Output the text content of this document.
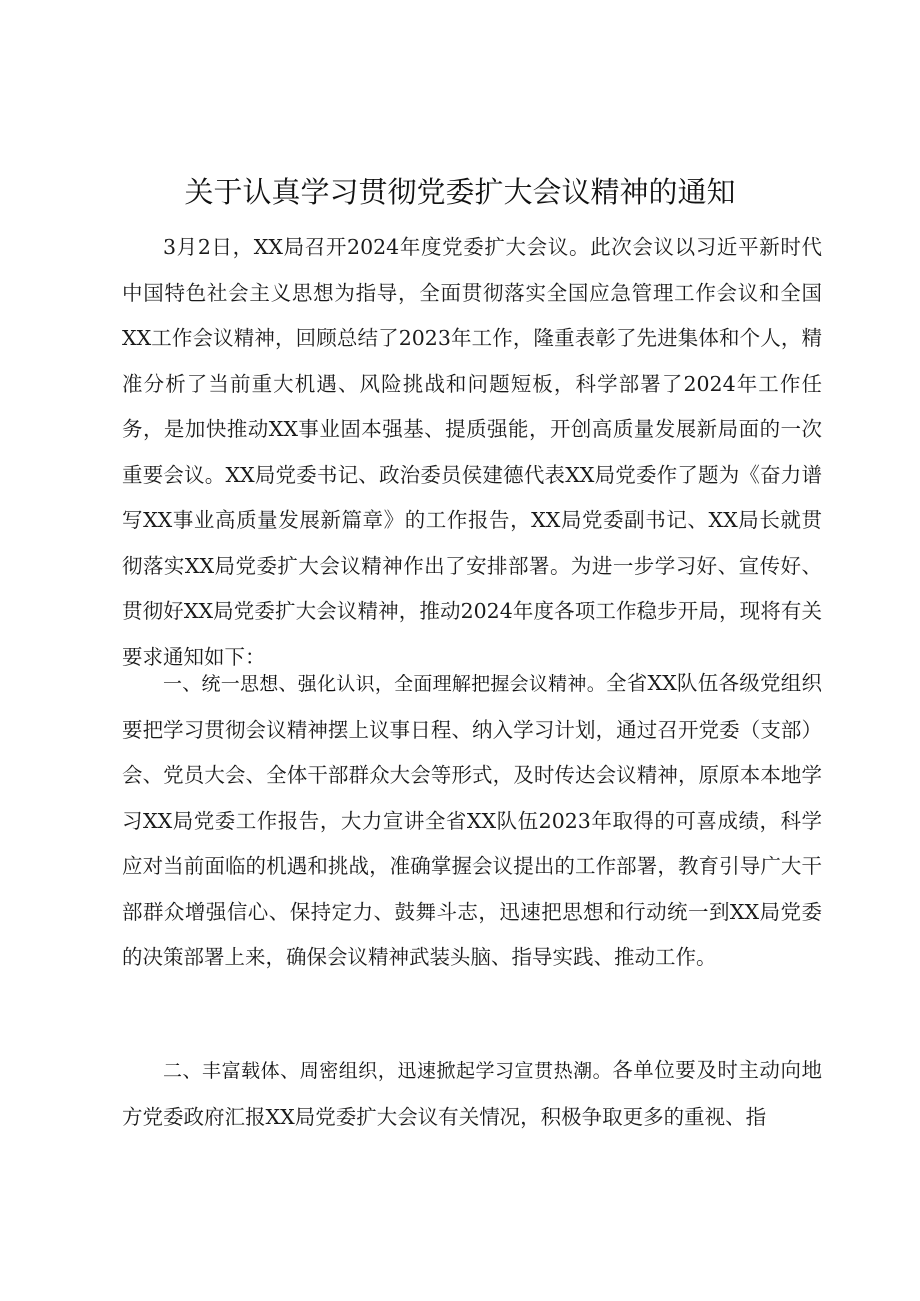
关于认真学习贯彻党委扩大会议精神的通知

3月2日，XX局召开2024年度党委扩大会议。此次会议以习近平新时代中国特色社会主义思想为指导，全面贯彻落实全国应急管理工作会议和全国XX工作会议精神，回顾总结了2023年工作，隆重表彰了先进集体和个人，精准分析了当前重大机遇、风险挑战和问题短板，科学部署了2024年工作任务，是加快推动XX事业固本强基、提质强能，开创高质量发展新局面的一次重要会议。XX局党委书记、政治委员侯建德代表XX局党委作了题为《奋力谱写XX事业高质量发展新篇章》的工作报告，XX局党委副书记、XX局长就贯彻落实XX局党委扩大会议精神作出了安排部署。为进一步学习好、宣传好、贯彻好XX局党委扩大会议精神，推动2024年度各项工作稳步开局，现将有关要求通知如下：

一、统一思想、强化认识，全面理解把握会议精神。全省XX队伍各级党组织要把学习贯彻会议精神摆上议事日程、纳入学习计划，通过召开党委（支部）会、党员大会、全体干部群众大会等形式，及时传达会议精神，原原本本地学习XX局党委工作报告，大力宣讲全省XX队伍2023年取得的可喜成绩，科学应对当前面临的机遇和挑战，准确掌握会议提出的工作部署，教育引导广大干部群众增强信心、保持定力、鼓舞斗志，迅速把思想和行动统一到XX局党委的决策部署上来，确保会议精神武装头脑、指导实践、推动工作。

二、丰富载体、周密组织，迅速掀起学习宣贯热潮。各单位要及时主动向地方党委政府汇报XX局党委扩大会议有关情况，积极争取更多的重视、指
